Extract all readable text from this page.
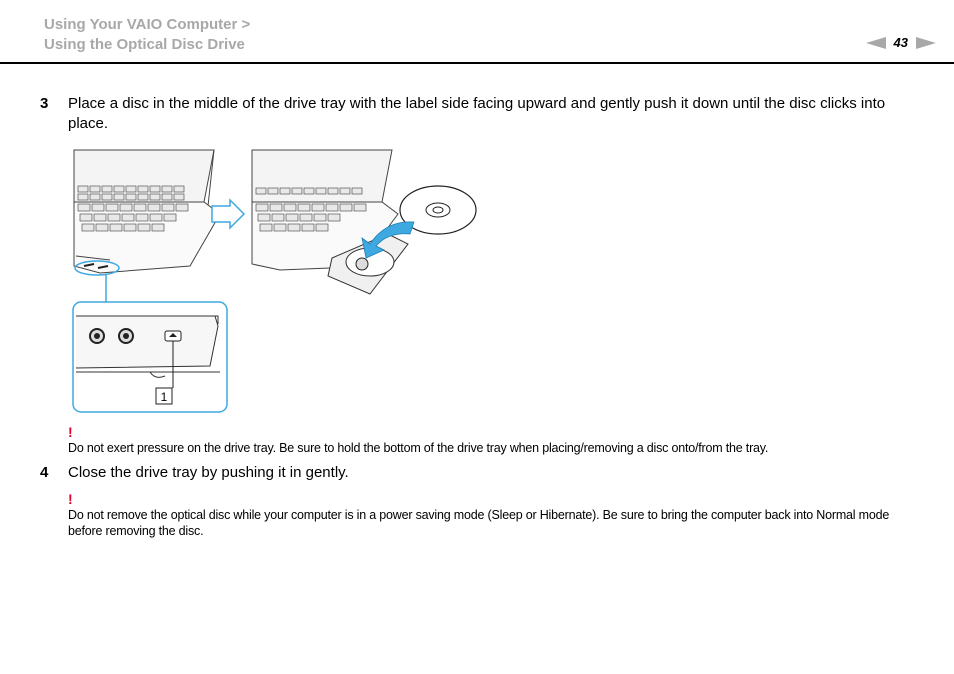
Using Your VAIO Computer >
Using the Optical Disc Drive	43
3 Place a disc in the middle of the drive tray with the label side facing upward and gently push it down until the disc clicks into place.
1
!
Do not exert pressure on the drive tray. Be sure to hold the bottom of the drive tray when placing/removing a disc onto/from the tray.
4 Close the drive tray by pushing it in gently.
!
Do not remove the optical disc while your computer is in a power saving mode (Sleep or Hibernate). Be sure to bring the computer back into Normal mode before removing the disc.
